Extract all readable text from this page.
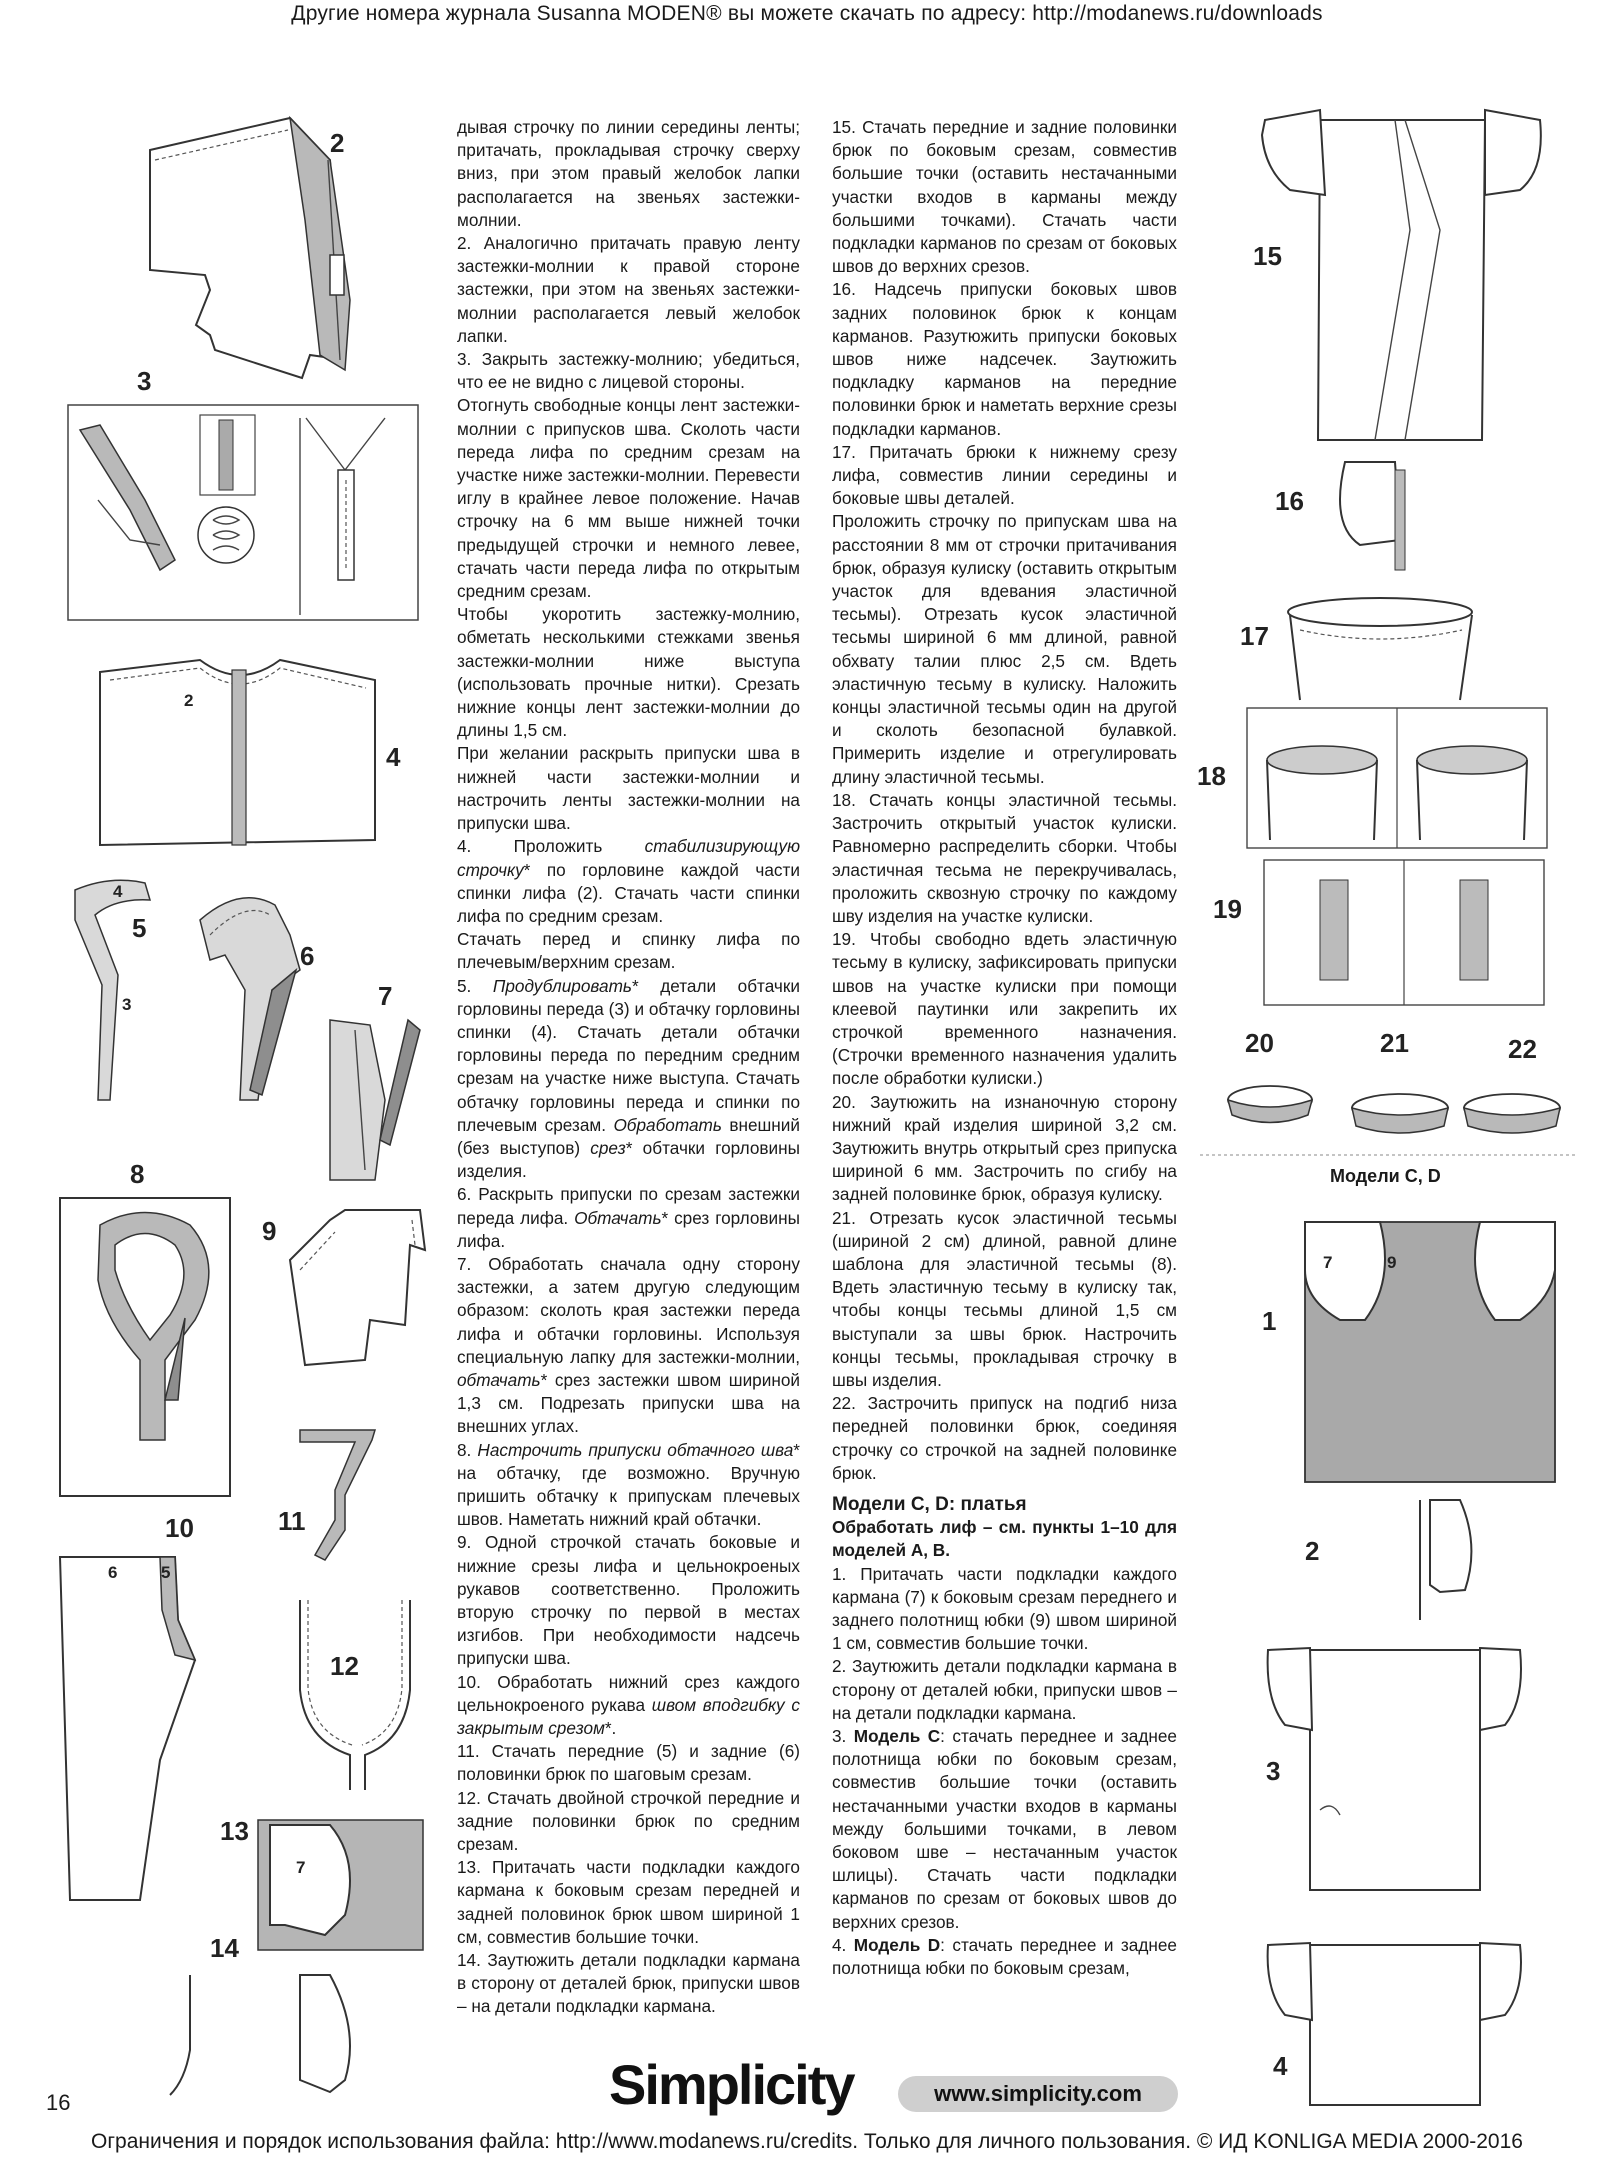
Другие номера журнала Susanna MODEN® вы можете скачать по адресу: http://modanews.ru/downloads
2
3
2
4
4
3
5
6
7
8
9
10
6	5
11
12
13
7
14
15
16
17
18
19
20	21	22
1
7	9
2
3
4
Модели C, D

дывая строчку по линии середины ленты; притачать, прокладывая строчку сверху вниз, при этом правый желобок лапки располагается на звеньях застежки-молнии.

2. Аналогично притачать правую ленту застежки-молнии к правой стороне застежки, при этом на звеньях застежки-молнии располагается левый желобок лапки.

3. Закрыть застежку-молнию; убедиться, что ее не видно с лицевой стороны.

Отогнуть свободные концы лент застежки-молнии с припусков шва. Сколоть части переда лифа по средним срезам на участке ниже застежки-молнии. Перевести иглу в крайнее левое положение. Начав строчку на 6 мм выше нижней точки предыдущей строчки и немного левее, стачать части переда лифа по открытым средним срезам.

Чтобы укоротить застежку-молнию, обметать несколькими стежками звенья застежки-молнии ниже выступа (использовать прочные нитки). Срезать нижние концы лент застежки-молнии до длины 1,5 см.

При желании раскрыть припуски шва в нижней части застежки-молнии и настрочить ленты застежки-молнии на припуски шва.

4. Проложить стабилизирующую строчку* по горловине каждой части спинки лифа (2). Стачать части спинки лифа по средним срезам.

Стачать перед и спинку лифа по плечевым/верхним срезам.

5. Продублировать* детали обтачки горловины переда (3) и обтачку горловины спинки (4). Стачать детали обтачки горловины переда по передним средним срезам на участке ниже выступа. Стачать обтачку горловины переда и спинки по плечевым срезам. Обработать внешний (без выступов) срез* обтачки горловины изделия.

6. Раскрыть припуски по срезам застежки переда лифа. Обтачать* срез горловины лифа.

7. Обработать сначала одну сторону застежки, а затем другую следующим образом: сколоть края застежки переда лифа и обтачки горловины. Используя специальную лапку для застежки-молнии, обтачать* срез застежки швом шириной 1,3 см. Подрезать припуски шва на внешних углах.

8. Настрочить припуски обтачного шва* на обтачку, где возможно. Вручную пришить обтачку к припускам плечевых швов. Наметать нижний край обтачки.

9. Одной строчкой стачать боковые и нижние срезы лифа и цельнокроеных рукавов соответственно. Проложить вторую строчку по первой в местах изгибов. При необходимости надсечь припуски шва.

10. Обработать нижний срез каждого цельнокроеного рукава швом вподгибку с закрытым срезом*.

11. Стачать передние (5) и задние (6) половинки брюк по шаговым срезам.

12. Стачать двойной строчкой передние и задние половинки брюк по средним срезам.

13. Притачать части подкладки каждого кармана к боковым срезам передней и задней половинок брюк швом шириной 1 см, совместив большие точки.

14. Заутюжить детали подкладки кармана в сторону от деталей брюк, припуски швов – на детали подкладки кармана.

15. Стачать передние и задние половинки брюк по боковым срезам, совместив большие точки (оставить нестачанными участки входов в карманы между большими точками). Стачать части подкладки карманов по срезам от боковых швов до верхних срезов.

16. Надсечь припуски боковых швов задних половинок брюк к концам карманов. Разутюжить припуски боковых швов ниже надсечек. Заутюжить подкладку карманов на передние половинки брюк и наметать верхние срезы подкладки карманов.

17. Притачать брюки к нижнему срезу лифа, совместив линии середины и боковые швы деталей.

Проложить строчку по припускам шва на расстоянии 8 мм от строчки притачивания брюк, образуя кулиску (оставить открытым участок для вдевания эластичной тесьмы). Отрезать кусок эластичной тесьмы шириной 6 мм длиной, равной обхвату талии плюс 2,5 см. Вдеть эластичную тесьму в кулиску. Наложить концы эластичной тесьмы один на другой и сколоть безопасной булавкой. Примерить изделие и отрегулировать длину эластичной тесьмы.

18. Стачать концы эластичной тесьмы. Застрочить открытый участок кулиски. Равномерно распределить сборки. Чтобы эластичная тесьма не перекручивалась, проложить сквозную строчку по каждому шву изделия на участке кулиски.

19. Чтобы свободно вдеть эластичную тесьму в кулиску, зафиксировать припуски швов на участке кулиски при помощи клеевой паутинки или закрепить их строчкой временного назначения. (Строчки временного назначения удалить после обработки кулиски.)

20. Заутюжить на изнаночную сторону нижний край изделия шириной 3,2 см. Заутюжить внутрь открытый срез припуска шириной 6 мм. Застрочить по сгибу на задней половинке брюк, образуя кулиску.

21. Отрезать кусок эластичной тесьмы (шириной 2 см) длиной, равной длине шаблона для эластичной тесьмы (8). Вдеть эластичную тесьму в кулиску так, чтобы концы тесьмы длиной 1,5 см выступали за швы брюк. Настрочить концы тесьмы, прокладывая строчку в швы изделия.

22. Застрочить припуск на подгиб низа передней половинки брюк, соединяя строчку со строчкой на задней половинке брюк.

Модели C, D: платья

Обработать лиф – см. пункты 1–10 для моделей А, В.

1. Притачать части подкладки каждого кармана (7) к боковым срезам переднего и заднего полотнищ юбки (9) швом шириной 1 см, совместив большие точки.

2. Заутюжить детали подкладки кармана в сторону от деталей юбки, припуски швов – на детали подкладки кармана.

3. Модель С: стачать переднее и заднее полотнища юбки по боковым срезам, совместив большие точки (оставить нестачанными участки входов в карманы между большими точками, в левом боковом шве – нестачанным участок шлицы). Стачать части подкладки карманов по срезам от боковых швов до верхних срезов.

4. Модель D: стачать переднее и заднее полотнища юбки по боковым срезам,

16	Simplicity	www.simplicity.com
Ограничения и порядок использования файла: http://www.modanews.ru/credits. Только для личного пользования. © ИД KONLIGA MEDIA 2000-2016
